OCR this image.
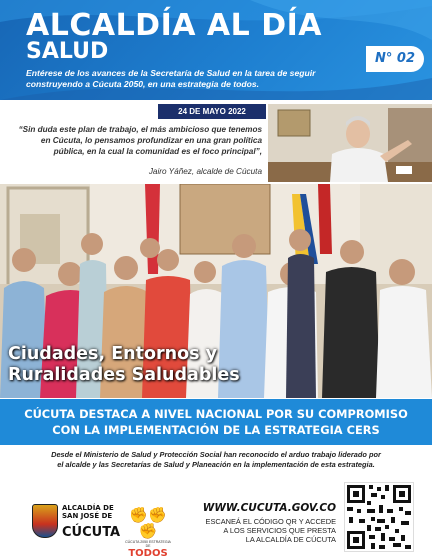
ALCALDÍA AL DÍA
SALUD
Entérese de los avances de la Secretaría de Salud en la tarea de seguir construyendo a Cúcuta 2050, en una estrategia de todos.
N° 02
24 DE MAYO 2022
“Sin duda este plan de trabajo, el más ambicioso que tenemos en Cúcuta, lo pensamos profundizar en una gran política pública, en la cual la comunidad es el foco principal”,
Jairo Yáñez, alcalde de Cúcuta
Ciudades, Entornos y Ruralidades Saludables
CÚCUTA DESTACA A NIVEL NACIONAL POR SU COMPROMISO
CON LA IMPLEMENTACIÓN DE LA ESTRATEGIA CERS
Desde el Ministerio de Salud y Protección Social han reconocido el arduo trabajo liderado por
el alcalde y las Secretarías de Salud y Planeación en la implementación de esta estrategia.
ALCALDÍA DE SAN JOSÉ DE
CÚCUTA
✊✊✊
CÚCUTA 2050 ESTRATEGIA DE
TODOS
WWW.CUCUTA.GOV.CO
ESCANEÁ EL CÓDIGO QR Y ACCEDE
A LOS SERVICIOS QUE PRESTA
LA ALCALDÍA DE CÚCUTA
